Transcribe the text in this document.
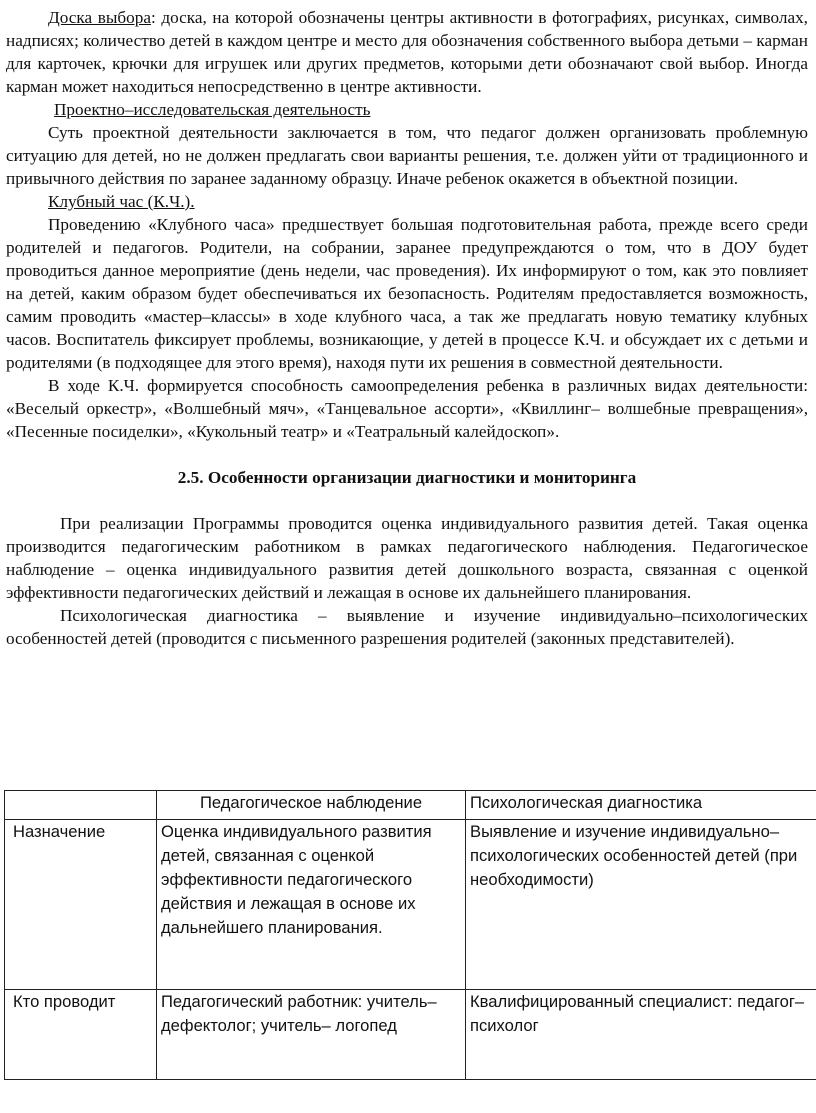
Доска выбора: доска, на которой обозначены центры активности в фотографиях, рисунках, символах, надписях; количество детей в каждом центре и место для обозначения собственного выбора детьми – карман для карточек, крючки для игрушек или других предметов, которыми дети обозначают свой выбор. Иногда карман может находиться непосредственно в центре активности.

Проектно–исследовательская деятельность

Суть проектной деятельности заключается в том, что педагог должен организовать проблемную ситуацию для детей, но не должен предлагать свои варианты решения, т.е. должен уйти от традиционного и привычного действия по заранее заданному образцу. Иначе ребенок окажется в объектной позиции.

Клубный час (К.Ч.).

Проведению «Клубного часа» предшествует большая подготовительная работа, прежде всего среди родителей и педагогов. Родители, на собрании, заранее предупреждаются о том, что в ДОУ будет проводиться данное мероприятие (день недели, час проведения). Их информируют о том, как это повлияет на детей, каким образом будет обеспечиваться их безопасность. Родителям предоставляется возможность, самим проводить «мастер–классы» в ходе клубного часа, а так же предлагать новую тематику клубных часов. Воспитатель фиксирует проблемы, возникающие, у детей в процессе К.Ч. и обсуждает их с детьми и родителями (в подходящее для этого время), находя пути их решения в совместной деятельности.

В ходе К.Ч. формируется способность самоопределения ребенка в различных видах деятельности: «Веселый оркестр», «Волшебный мяч», «Танцевальное ассорти», «Квиллинг– волшебные превращения», «Песенные посиделки», «Кукольный театр» и «Театральный калейдоскоп».

2.5. Особенности организации диагностики и мониторинга

При реализации Программы проводится оценка индивидуального развития детей. Такая оценка производится педагогическим работником в рамках педагогического наблюдения. Педагогическое наблюдение – оценка индивидуального развития детей дошкольного возраста, связанная с оценкой эффективности педагогических действий и лежащая в основе их дальнейшего планирования.

Психологическая диагностика – выявление и изучение индивидуально–психологических особенностей детей (проводится с письменного разрешения родителей (законных представителей).

	Педагогическое наблюдение	Психологическая диагностика
Назначение	Оценка индивидуального развития детей, связанная с оценкой эффективности педагогического действия и лежащая в основе их дальнейшего планирования.	Выявление и изучение индивидуально–психологических особенностей детей (при необходимости)
Кто проводит	Педагогический работник: учитель– дефектолог; учитель– логопед	Квалифицированный специалист: педагог–психолог
